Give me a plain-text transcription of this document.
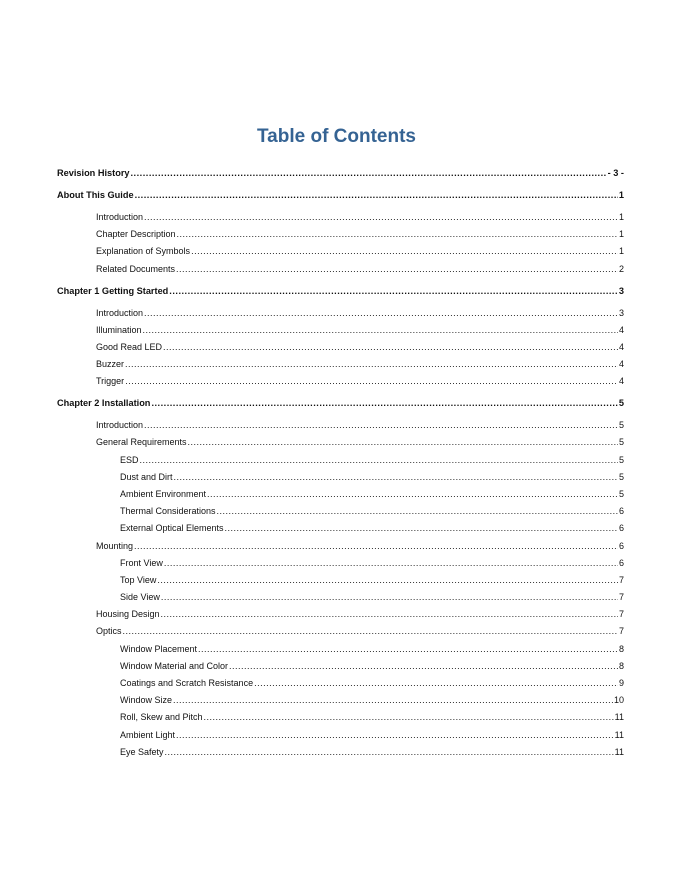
Table of Contents
Revision History .....	- 3 -
About This Guide .....	1
Introduction .....	1
Chapter Description .....	1
Explanation of Symbols .....	1
Related Documents .....	2
Chapter 1 Getting Started .....	3
Introduction .....	3
Illumination .....	4
Good Read LED .....	4
Buzzer .....	4
Trigger .....	4
Chapter 2 Installation .....	5
Introduction .....	5
General Requirements .....	5
ESD .....	5
Dust and Dirt .....	5
Ambient Environment .....	5
Thermal Considerations .....	6
External Optical Elements .....	6
Mounting .....	6
Front View .....	6
Top View .....	7
Side View .....	7
Housing Design .....	7
Optics .....	7
Window Placement .....	8
Window Material and Color .....	8
Coatings and Scratch Resistance .....	9
Window Size .....	10
Roll, Skew and Pitch .....	11
Ambient Light .....	11
Eye Safety .....	11
